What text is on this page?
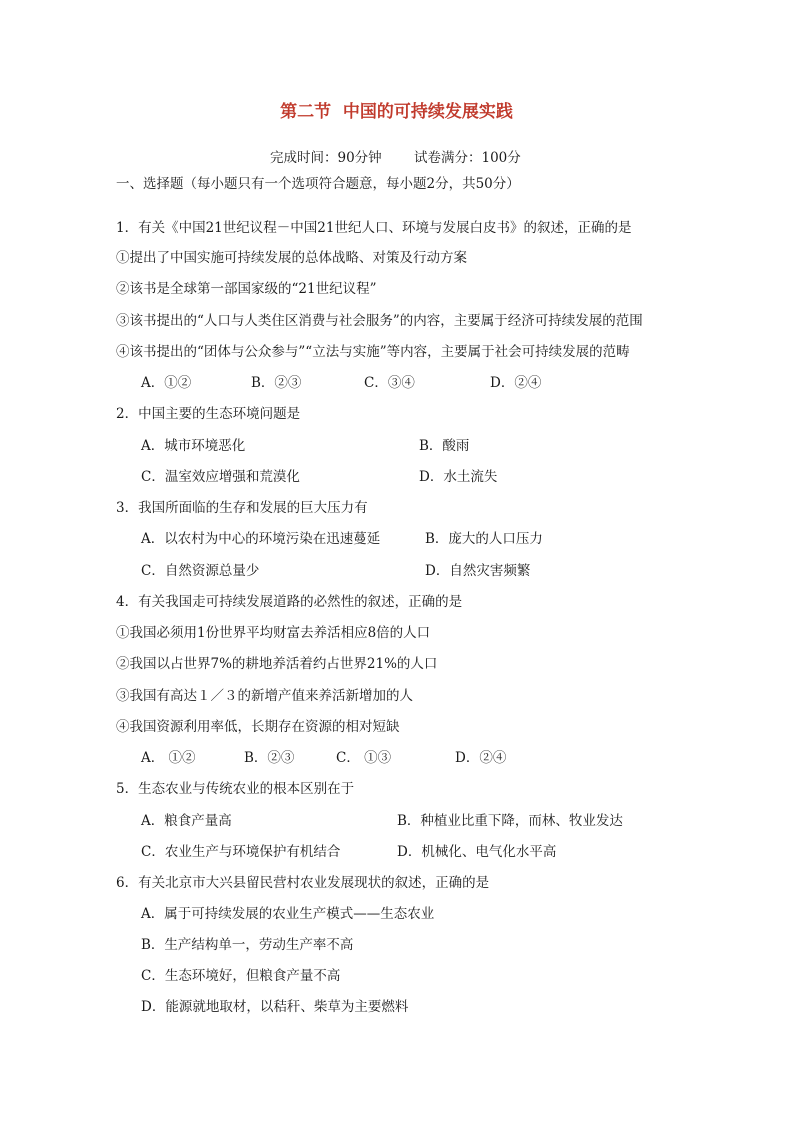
第二节  中国的可持续发展实践
完成时间：90分钟 试卷满分：100分
一、选择题（每小题只有一个选项符合题意，每小题2分，共50分）
1．有关《中国21世纪议程－中国21世纪人口、环境与发展白皮书》的叙述，正确的是
①提出了中国实施可持续发展的总体战略、对策及行动方案
②该书是全球第一部国家级的“21世纪议程”
③该书提出的“人口与人类住区消费与社会服务”的内容，主要属于经济可持续发展的范围
④该书提出的“团体与公众参与”“立法与实施”等内容，主要属于社会可持续发展的范畴
A．①②	B．②③	C．③④	D．②④
2．中国主要的生态环境问题是
A．城市环境恶化	B．酸雨
C．温室效应增强和荒漠化	D．水土流失
3．我国所面临的生存和发展的巨大压力有
A．以农村为中心的环境污染在迅速蔓延	B．庞大的人口压力
C．自然资源总量少	D．自然灾害频繁
4．有关我国走可持续发展道路的必然性的叙述，正确的是
①我国必须用1份世界平均财富去养活相应8倍的人口
②我国以占世界7%的耕地养活着约占世界21%的人口
③我国有高达１／３的新增产值来养活新增加的人
④我国资源利用率低，长期存在资源的相对短缺
A． ①②	B．②③	C． ①③	D．②④
5．生态农业与传统农业的根本区别在于
A．粮食产量高	B．种植业比重下降，而林、牧业发达
C．农业生产与环境保护有机结合	D．机械化、电气化水平高
6．有关北京市大兴县留民营村农业发展现状的叙述，正确的是
A．属于可持续发展的农业生产模式——生态农业
B．生产结构单一，劳动生产率不高
C．生态环境好，但粮食产量不高
D．能源就地取材，以秸秆、柴草为主要燃料
